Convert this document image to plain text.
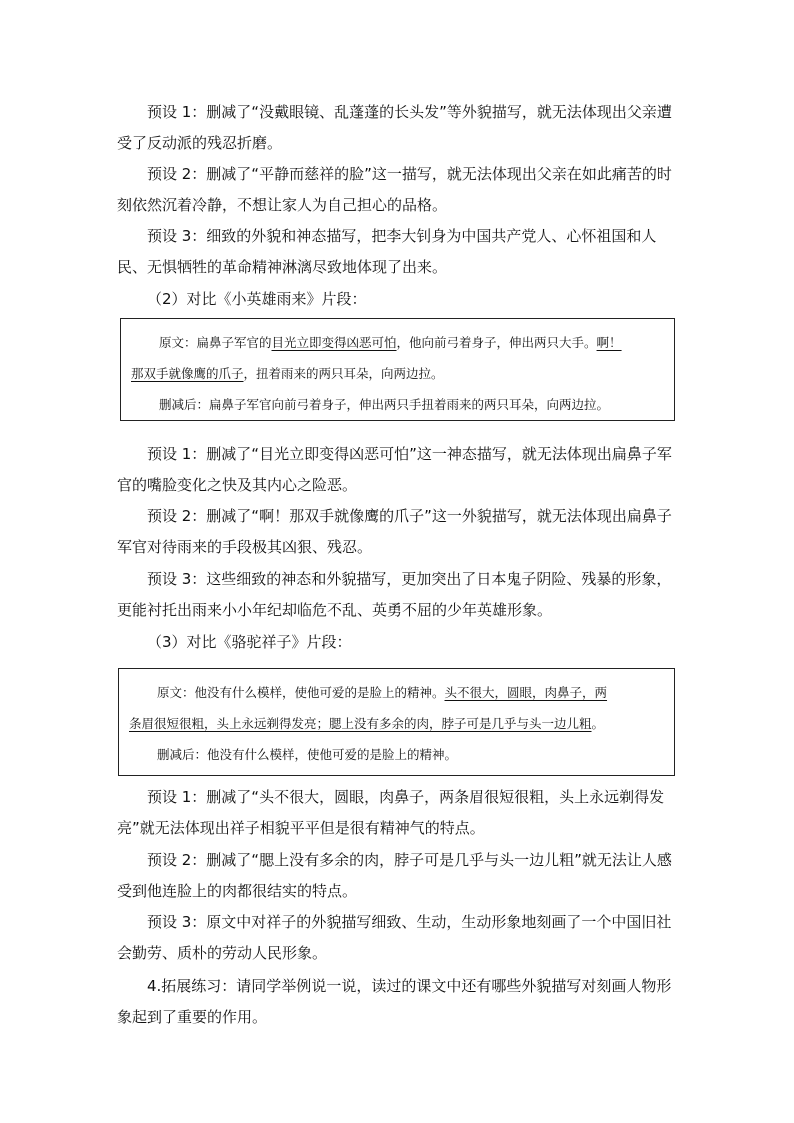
预设 1：删减了“没戴眼镜、乱蓬蓬的长头发”等外貌描写，就无法体现出父亲遭受了反动派的残忍折磨。
预设 2：删减了“平静而慈祥的脸”这一描写，就无法体现出父亲在如此痛苦的时刻依然沉着冷静，不想让家人为自己担心的品格。
预设 3：细致的外貌和神态描写，把李大钊身为中国共产党人、心怀祖国和人民、无惧牺牲的革命精神淋漓尽致地体现了出来。
（2）对比《小英雄雨来》片段：
原文：扁鼻子军官的目光立即变得凶恶可怕，他向前弓着身子，伸出两只大手。啊！
那双手就像鹰的爪子，扭着雨来的两只耳朵，向两边拉。
删减后：扁鼻子军官向前弓着身子，伸出两只手扭着雨来的两只耳朵，向两边拉。
预设 1：删减了“目光立即变得凶恶可怕”这一神态描写，就无法体现出扁鼻子军官的嘴脸变化之快及其内心之险恶。
预设 2：删减了“啊！那双手就像鹰的爪子”这一外貌描写，就无法体现出扁鼻子军官对待雨来的手段极其凶狠、残忍。
预设 3：这些细致的神态和外貌描写，更加突出了日本鬼子阴险、残暴的形象，更能衬托出雨来小小年纪却临危不乱、英勇不屈的少年英雄形象。
（3）对比《骆驼祥子》片段：
原文：他没有什么模样，使他可爱的是脸上的精神。头不很大，圆眼，肉鼻子，两
条眉很短很粗，头上永远剃得发亮；腮上没有多余的肉，脖子可是几乎与头一边儿粗。
删减后：他没有什么模样，使他可爱的是脸上的精神。
预设 1：删减了“头不很大，圆眼，肉鼻子，两条眉很短很粗，头上永远剃得发亮”就无法体现出祥子相貌平平但是很有精神气的特点。
预设 2：删减了“腮上没有多余的肉，脖子可是几乎与头一边儿粗”就无法让人感受到他连脸上的肉都很结实的特点。
预设 3：原文中对祥子的外貌描写细致、生动，生动形象地刻画了一个中国旧社会勤劳、质朴的劳动人民形象。
4.拓展练习：请同学举例说一说，读过的课文中还有哪些外貌描写对刻画人物形象起到了重要的作用。
